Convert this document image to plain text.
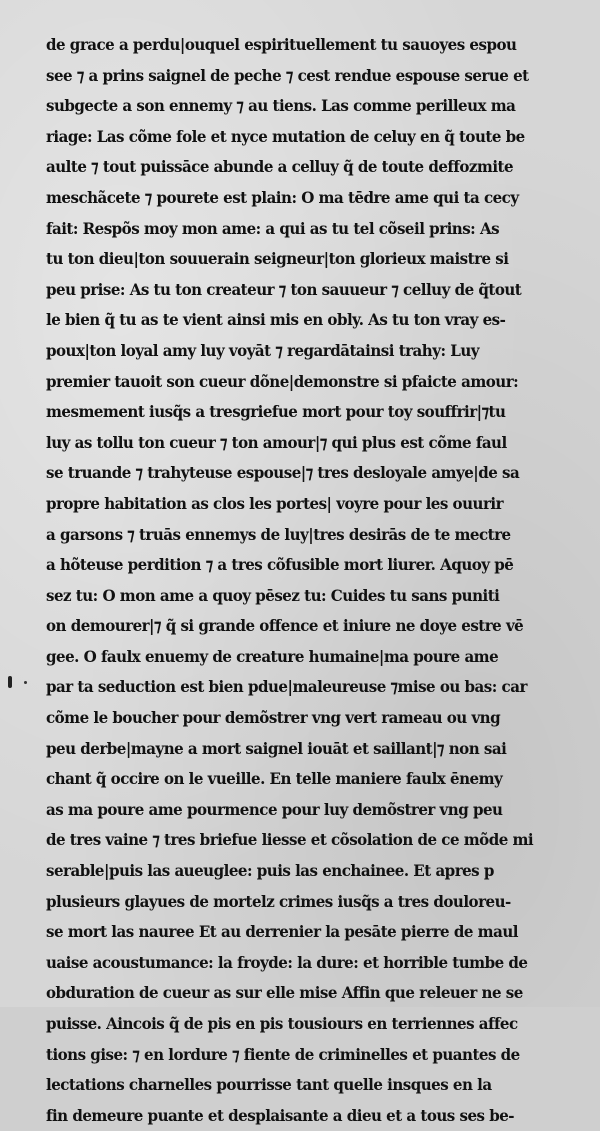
de grace a perdu|ouquel espirituellement tu sauoyes espou
see ⁊ a prins saignel de peche ⁊ cest rendue espouse serue et
subgecte a son ennemy ⁊ au tiens. Las comme perilleux ma
riage: Las cõme fole et nyce mutation de celuy en q̃ toute be
aulte ⁊ tout puissāce abunde a celluy q̃ de toute deffozmite
meschãcete ⁊ pourete est plain: O ma tēdre ame qui ta cecy
fait: Respõs moy mon ame: a qui as tu tel cõseil prins: As
tu ton dieu|ton souuerain seigneur|ton glorieux maistre si
peu prise: As tu ton createur ⁊ ton sauueur ⁊ celluy de q̃tout
le bien q̃ tu as te vient ainsi mis en obly. As tu ton vray es-
poux|ton loyal amy luy voyāt ⁊ regardātainsi trahy: Luy
premier tauoit son cueur dõne|demonstre si pfaicte amour:
mesmement iusq̃s a tresgriefue mort pour toy souffrir|⁊tu
luy as tollu ton cueur ⁊ ton amour|⁊ qui plus est cõme faul
se truande ⁊ trahyteuse espouse|⁊ tres desloyale amye|de sa
propre habitation as clos les portes| voyre pour les ouurir
a garsons ⁊ truās ennemys de luy|tres desirās de te mectre
a hõteuse perdition ⁊ a tres cõfusible mort liurer. Aquoy pē
sez tu: O mon ame a quoy pēsez tu: Cuides tu sans puniti
on demourer|⁊ q̃ si grande offence et iniure ne doye estre vē
gee. O faulx enuemy de creature humaine|ma poure ame
par ta seduction est bien pdue|maleureuse ⁊mise ou bas: car
cõme le boucher pour demõstrer vng vert rameau ou vng
peu derbe|mayne a mort saignel iouāt et saillant|⁊ non sai
chant q̃ occire on le vueille. En telle maniere faulx ēnemy
as ma poure ame pourmence pour luy demõstrer vng peu
de tres vaine ⁊ tres briefue liesse et cõsolation de ce mõde mi
serable|puis las aueuglee: puis las enchainee. Et apres p
plusieurs glayues de mortelz crimes iusq̃s a tres douloreu-
se mort las nauree Et au derrenier la pesāte pierre de maul
uaise acoustumance: la froyde: la dure: et horrible tumbe de
obduration de cueur as sur elle mise Affin que releuer ne se
puisse. Aincois q̃ de pis en pis tousiours en terriennes affec
tions gise: ⁊ en lordure ⁊ fiente de criminelles et puantes de
lectations charnelles pourrisse tant quelle insques en la
fin demeure puante et desplaisante a dieu et a tous ses be-
